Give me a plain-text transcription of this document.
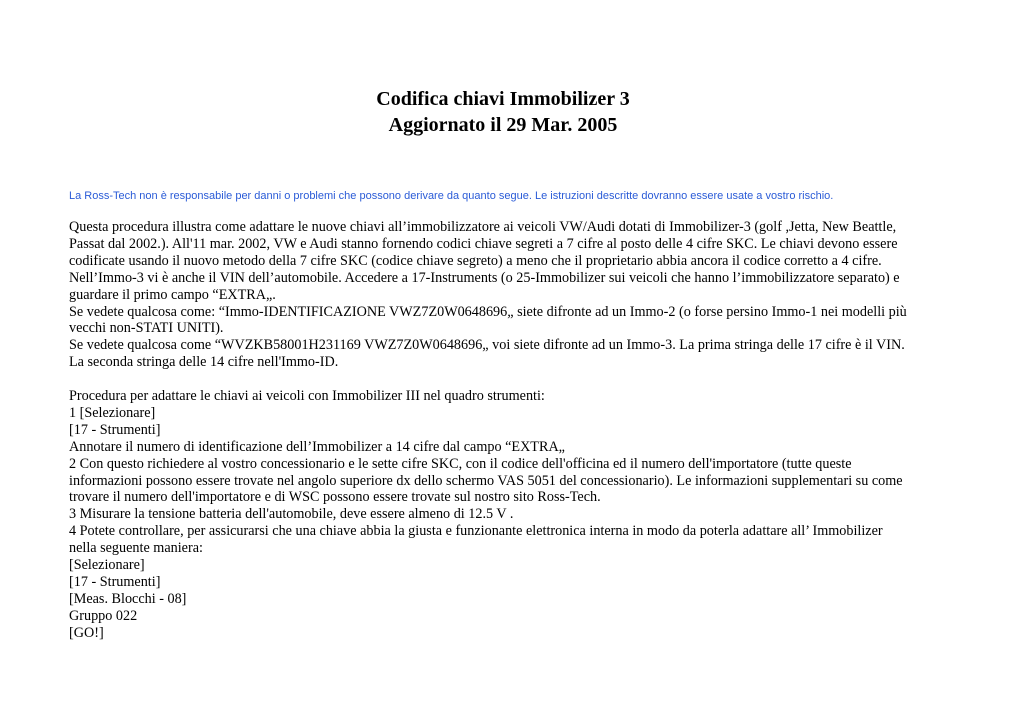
Codifica chiavi Immobilizer 3
Aggiornato il 29 Mar. 2005
La Ross-Tech non è responsabile per danni o problemi che possono derivare da quanto segue. Le istruzioni descritte dovranno essere usate a vostro rischio.
Questa procedura illustra come adattare le nuove chiavi all’immobilizzatore ai veicoli VW/Audi dotati di Immobilizer-3 (golf ,Jetta, New Beattle,
Passat dal 2002.). All'11 mar. 2002, VW e Audi stanno fornendo codici chiave segreti a 7 cifre al posto delle 4 cifre SKC. Le chiavi devono essere
codificate usando il nuovo metodo della 7 cifre SKC (codice chiave segreto) a meno che il proprietario abbia ancora il codice corretto a 4 cifre.
Nell’Immo-3 vi è anche il VIN dell’automobile. Accedere a 17-Instruments (o 25-Immobilizer sui veicoli che hanno l’immobilizzatore separato) e
guardare il primo campo “EXTRA„.
Se vedete qualcosa come: “Immo-IDENTIFICAZIONE VWZ7Z0W0648696„ siete difronte ad un Immo-2 (o forse persino Immo-1 nei modelli più
vecchi non-STATI UNITI).
Se vedete qualcosa come “WVZKB58001H231169 VWZ7Z0W0648696„ voi siete difronte ad un Immo-3. La prima stringa delle 17 cifre è il VIN.
La seconda stringa delle 14 cifre nell'Immo-ID.
Procedura per adattare le chiavi ai veicoli con Immobilizer III nel quadro strumenti:
1 [Selezionare]
[17 - Strumenti]
Annotare il numero di identificazione dell’Immobilizer a 14 cifre dal campo “EXTRA„
2 Con questo richiedere al vostro concessionario e le sette cifre SKC, con il codice dell'officina ed il numero dell'importatore (tutte queste
informazioni possono essere trovate nel angolo superiore dx dello schermo VAS 5051 del concessionario). Le informazioni supplementari su come
trovare il numero dell'importatore e di WSC possono essere trovate sul nostro sito Ross-Tech.
3 Misurare la tensione batteria dell'automobile, deve essere almeno di 12.5 V .
4 Potete controllare, per assicurarsi che una chiave abbia la giusta e funzionante elettronica interna in modo da poterla adattare all’ Immobilizer
nella seguente maniera:
[Selezionare]
[17 - Strumenti]
[Meas. Blocchi - 08]
Gruppo 022
[GO!]
